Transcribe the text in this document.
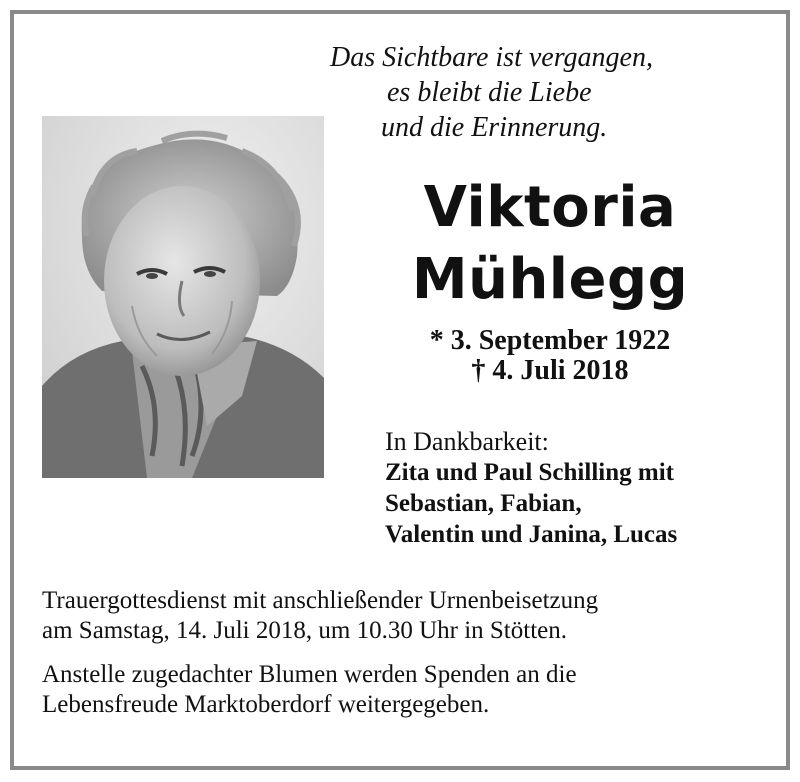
Das Sichtbare ist vergangen,
es bleibt die Liebe
und die Erinnerung.
Viktoria
Mühlegg
* 3. September 1922
† 4. Juli 2018
In Dankbarkeit:
Zita und Paul Schilling mit
Sebastian, Fabian,
Valentin und Janina, Lucas
Trauergottesdienst mit anschließender Urnenbeisetzung
am Samstag, 14. Juli 2018, um 10.30 Uhr in Stötten.
Anstelle zugedachter Blumen werden Spenden an die
Lebensfreude Marktoberdorf weitergegeben.
